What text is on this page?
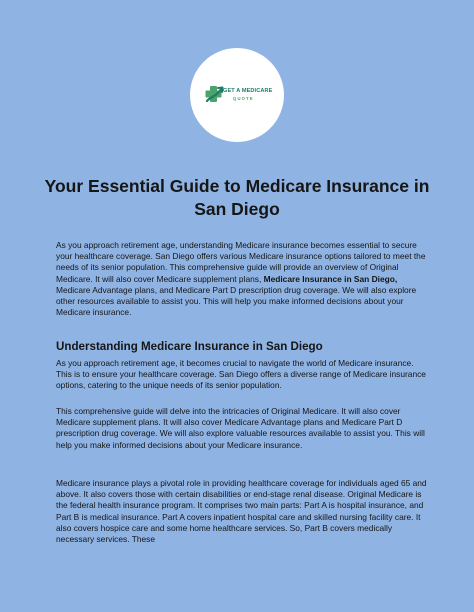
GET A MEDICARE
QUOTE
Your Essential Guide to Medicare Insurance in San Diego

As you approach retirement age, understanding Medicare insurance becomes essential to secure your healthcare coverage. San Diego offers various Medicare insurance options tailored to meet the needs of its senior population. This comprehensive guide will provide an overview of Original Medicare. It will also cover Medicare supplement plans, Medicare Insurance in San Diego, Medicare Advantage plans, and Medicare Part D prescription drug coverage. We will also explore other resources available to assist you. This will help you make informed decisions about your Medicare insurance.

Understanding Medicare Insurance in San Diego

As you approach retirement age, it becomes crucial to navigate the world of Medicare insurance. This is to ensure your healthcare coverage. San Diego offers a diverse range of Medicare insurance options, catering to the unique needs of its senior population.

This comprehensive guide will delve into the intricacies of Original Medicare. It will also cover Medicare supplement plans. It will also cover Medicare Advantage plans and Medicare Part D prescription drug coverage. We will also explore valuable resources available to assist you. This will help you make informed decisions about your Medicare insurance.

Medicare insurance plays a pivotal role in providing healthcare coverage for individuals aged 65 and above. It also covers those with certain disabilities or end-stage renal disease. Original Medicare is the federal health insurance program. It comprises two main parts: Part A is hospital insurance, and Part B is medical insurance. Part A covers inpatient hospital care and skilled nursing facility care. It also covers hospice care and some home healthcare services. So, Part B covers medically necessary services. These
